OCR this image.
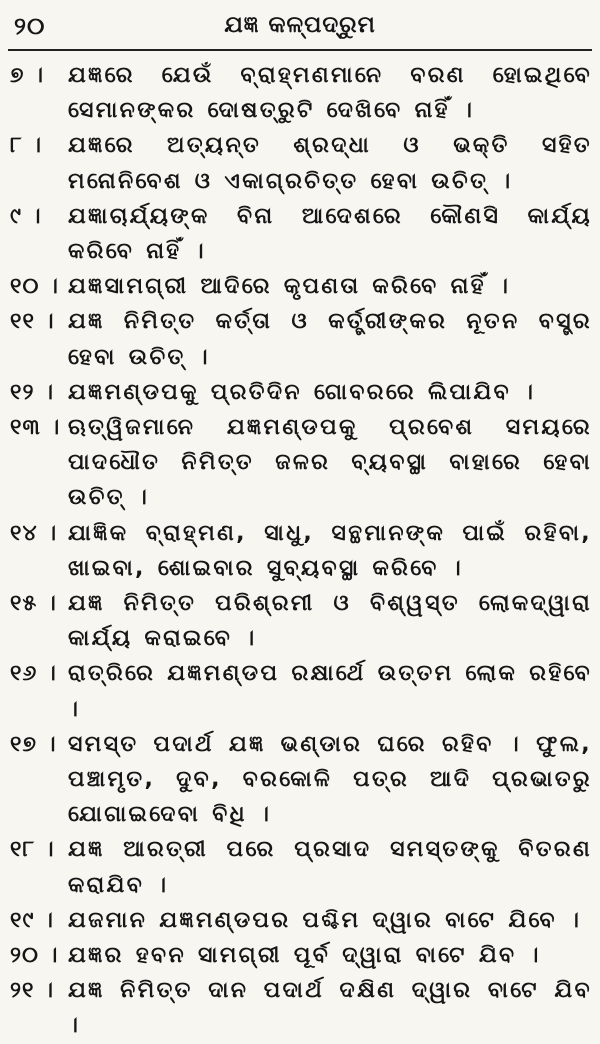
୨୦	ଯଜ୍ଞ କଳ୍ପଦ୍ରୁମ
୭ ।	ଯଜ୍ଞରେ ଯେଉଁ ବ୍ରାହ୍ମଣମାନେ ବରଣ ହୋଇଥିବେ ସେମାନଙ୍କର ଦୋଷତ୍ରୁଟି ଦେଖିବେ ନାହିଁ ।
୮ ।	ଯଜ୍ଞରେ ଅତ୍ୟନ୍ତ ଶ୍ରଦ୍ଧା ଓ ଭକ୍ତି ସହିତ ମନୋନିବେଶ ଓ ଏକାଗ୍ରଚିତ୍ତ ହେବା ଉଚିତ୍ ।
୯ ।	ଯଜ୍ଞାଚାର୍ଯ୍ୟଙ୍କ ବିନା ଆଦେଶରେ କୌଣସି କାର୍ଯ୍ୟ କରିବେ ନାହିଁ ।
୧୦ । ଯଜ୍ଞସାମଗ୍ରୀ ଆଦିରେ କୃପଣତା କରିବେ ନାହିଁ ।
୧୧ । ଯଜ୍ଞ ନିମିତ୍ତ କର୍ତ୍ତା ଓ କର୍ତ୍ତ୍ରୀଙ୍କର ନୂତନ ବସ୍ତ୍ର ହେବା ଉଚିତ୍ ।
୧୨ । ଯଜ୍ଞମଣ୍ଡପକୁ ପ୍ରତିଦିନ ଗୋବରରେ ଲିପାଯିବ ।
୧୩ । ଋତ୍ୱିଜମାନେ ଯଜ୍ଞମଣ୍ଡପକୁ ପ୍ରବେଶ ସମୟରେ ପାଦଧୌତ ନିମିତ୍ତ ଜଳର ବ୍ୟବସ୍ଥା ବାହାରେ ହେବା ଉଚିତ୍ ।
୧୪ । ଯାଜ୍ଞିକ ବ୍ରାହ୍ମଣ, ସାଧୁ, ସନ୍ଥମାନଙ୍କ ପାଇଁ ରହିବା, ଖାଇବା, ଶୋଇବାର ସୁବ୍ୟବସ୍ଥା କରିବେ ।
୧୫ । ଯଜ୍ଞ ନିମିତ୍ତ ପରିଶ୍ରମୀ ଓ ବିଶ୍ୱସ୍ତ ଲୋକଦ୍ୱାରା କାର୍ଯ୍ୟ କରାଇବେ ।
୧୬ । ରାତ୍ରିରେ ଯଜ୍ଞମଣ୍ଡପ ରକ୍ଷାର୍ଥେ ଉତ୍ତମ ଲୋକ ରହିବେ ।
୧୭ । ସମସ୍ତ ପଦାର୍ଥ ଯଜ୍ଞ ଭଣ୍ଡାର ଘରେ ରହିବ । ଫୁଲ, ପଞ୍ଚାମୃତ, ଦୁବ, ବରକୋଳି ପତ୍ର ଆଦି ପ୍ରଭାତରୁ ଯୋଗାଇଦେବା ବିଧି ।
୧୮ । ଯଜ୍ଞ ଆରତ୍ରୀ ପରେ ପ୍ରସାଦ ସମସ୍ତଙ୍କୁ ବିତରଣ କରାଯିବ ।
୧୯ । ଯଜମାନ ଯଜ୍ଞମଣ୍ଡପର ପଶ୍ଚିମ ଦ୍ୱାର ବାଟେ ଯିବେ ।
୨୦ । ଯଜ୍ଞର ହବନ ସାମଗ୍ରୀ ପୂର୍ବ ଦ୍ୱାରା ବାଟେ ଯିବ ।
୨୧ । ଯଜ୍ଞ ନିମିତ୍ତ ଦାନ ପଦାର୍ଥ ଦକ୍ଷିଣ ଦ୍ୱାର ବାଟେ ଯିବ ।
